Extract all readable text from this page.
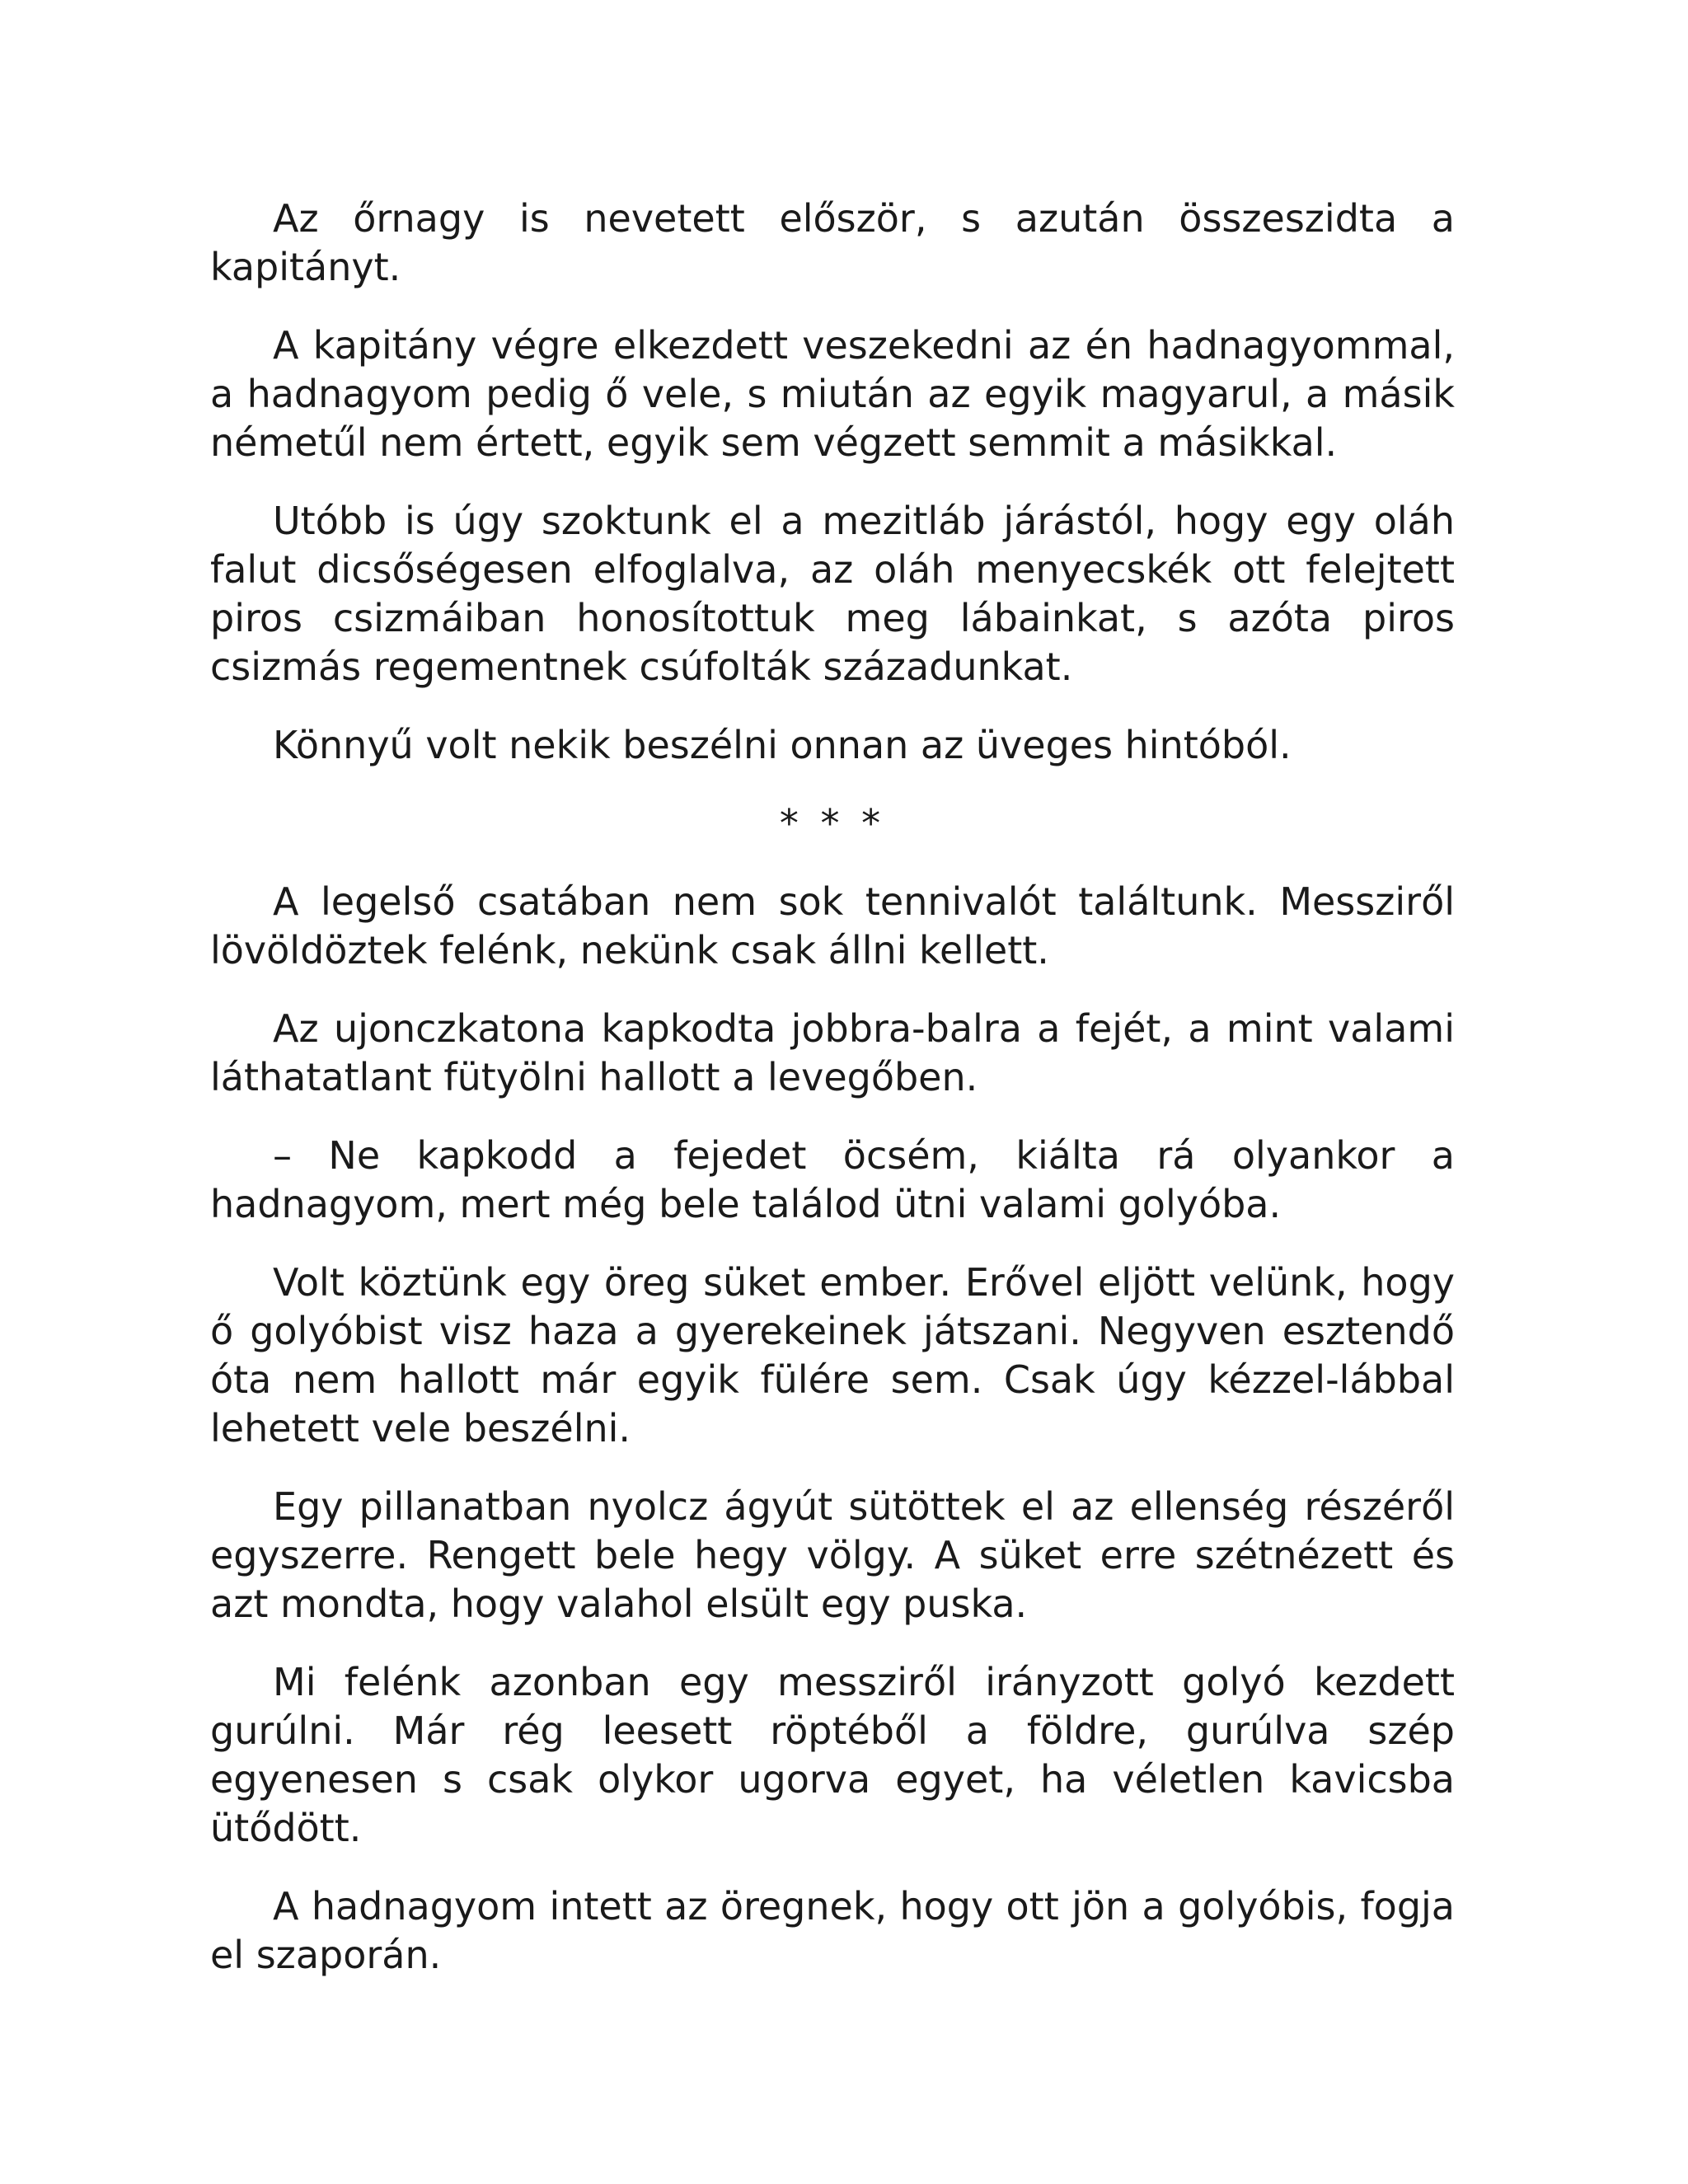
Az őrnagy is nevetett először, s azután összeszidta a kapitányt.

A kapitány végre elkezdett veszekedni az én hadnagyommal, a hadnagyom pedig ő vele, s miután az egyik magyarul, a másik németűl nem értett, egyik sem végzett semmit a másikkal.

Utóbb is úgy szoktunk el a mezitláb járástól, hogy egy oláh falut dicsőségesen elfoglalva, az oláh menyecskék ott felejtett piros csizmáiban honosítottuk meg lábainkat, s azóta piros csizmás regementnek csúfolták századunkat.

Könnyű volt nekik beszélni onnan az üveges hintóból.

* * *

A legelső csatában nem sok tennivalót találtunk. Messziről lövöldöztek felénk, nekünk csak állni kellett.

Az ujonczkatona kapkodta jobbra-balra a fejét, a mint valami láthatatlant fütyölni hallott a levegőben.

– Ne kapkodd a fejedet öcsém, kiálta rá olyankor a hadnagyom, mert még bele találod ütni valami golyóba.

Volt köztünk egy öreg süket ember. Erővel eljött velünk, hogy ő golyóbist visz haza a gyerekeinek játszani. Negyven esztendő óta nem hallott már egyik fülére sem. Csak úgy kézzel-lábbal lehetett vele beszélni.

Egy pillanatban nyolcz ágyút sütöttek el az ellenség részéről egyszerre. Rengett bele hegy völgy. A süket erre szétnézett és azt mondta, hogy valahol elsült egy puska.

Mi felénk azonban egy messziről irányzott golyó kezdett gurúlni. Már rég leesett röptéből a földre, gurúlva szép egyenesen s csak olykor ugorva egyet, ha véletlen kavicsba ütődött.

A hadnagyom intett az öregnek, hogy ott jön a golyóbis, fogja el szaporán.
